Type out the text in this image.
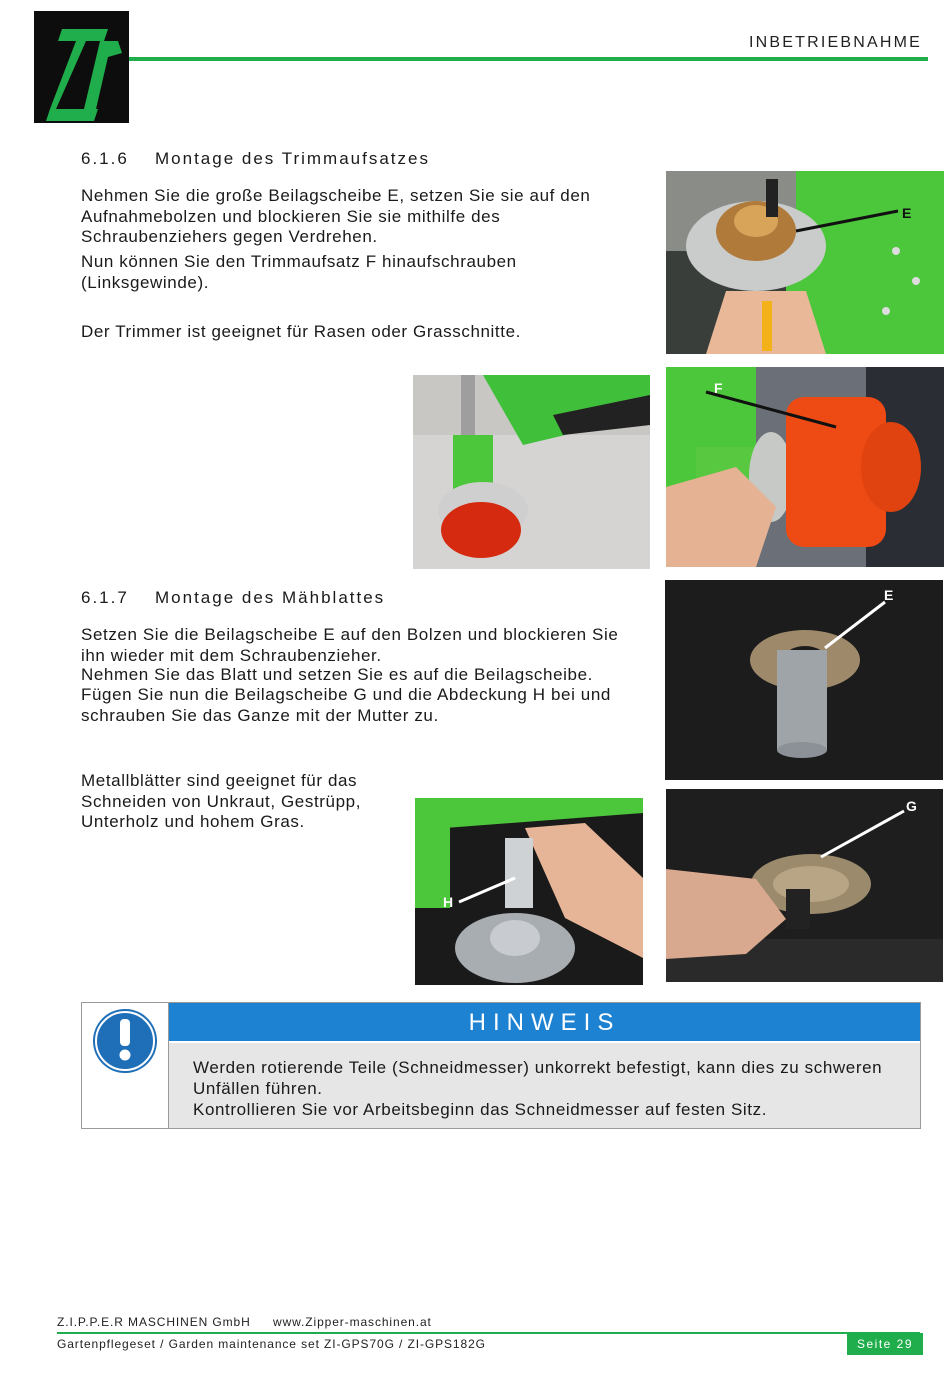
INBETRIEBNAHME
6.1.6 Montage des Trimmaufsatzes
Nehmen Sie die große Beilagscheibe E, setzen Sie sie auf den Aufnahmebolzen und blockieren Sie sie mithilfe des Schraubenziehers gegen Verdrehen.
Nun können Sie den Trimmaufsatz F hinaufschrauben (Linksgewinde).
Der Trimmer ist geeignet für Rasen oder Grasschnitte.
E
F
6.1.7 Montage des Mähblattes
Setzen Sie die Beilagscheibe E auf den Bolzen und blockieren Sie ihn wieder mit dem Schraubenzieher.
Nehmen Sie das Blatt und setzen Sie es auf die Beilagscheibe.
Fügen Sie nun die Beilagscheibe G und die Abdeckung H bei und schrauben Sie das Ganze mit der Mutter zu.
Metallblätter sind geeignet für das Schneiden von Unkraut, Gestrüpp, Unterholz und hohem Gras.
E
H
G
HINWEIS
Werden rotierende Teile (Schneidmesser) unkorrekt befestigt, kann dies zu schweren Unfällen führen.
Kontrollieren Sie vor Arbeitsbeginn das Schneidmesser auf festen Sitz.
Z.I.P.P.E.R MASCHINEN GmbH www.Zipper-maschinen.at
Gartenpflegeset / Garden maintenance set ZI-GPS70G / ZI-GPS182G	Seite 29
